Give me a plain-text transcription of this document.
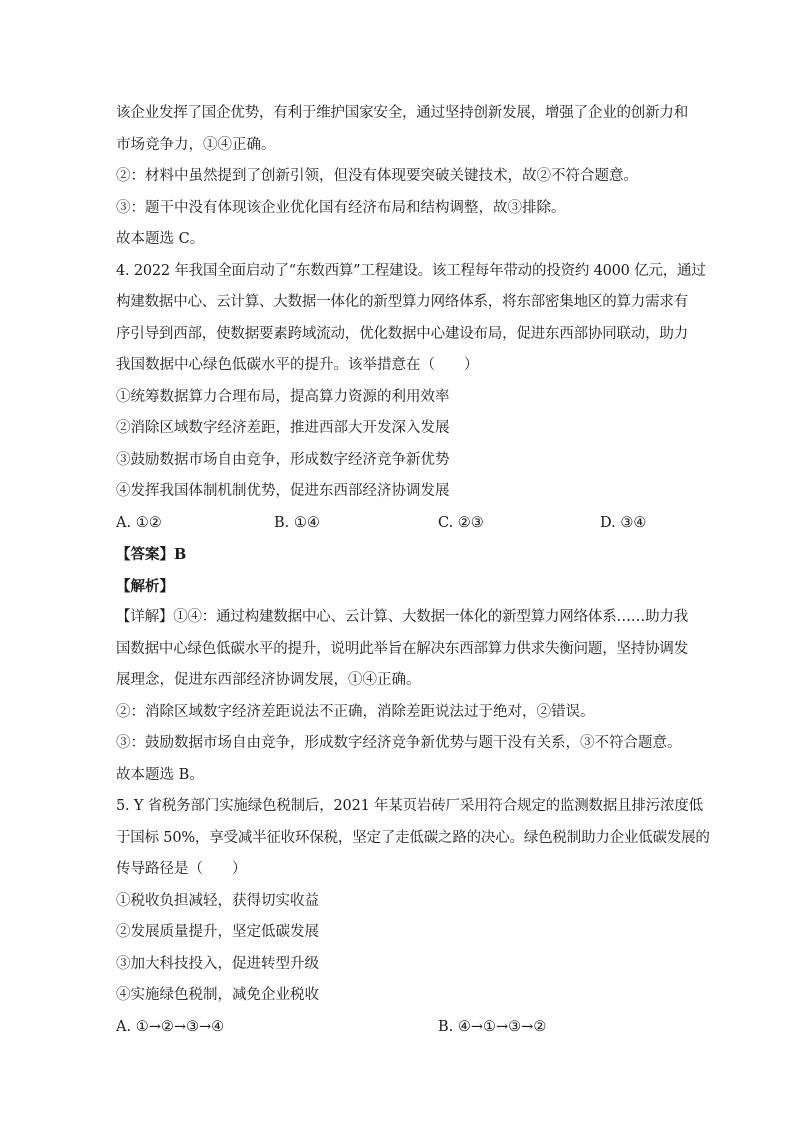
该企业发挥了国企优势，有利于维护国家安全，通过坚持创新发展，增强了企业的创新力和
市场竞争力，①④正确。
②：材料中虽然提到了创新引领，但没有体现要突破关键技术，故②不符合题意。
③：题干中没有体现该企业优化国有经济布局和结构调整，故③排除。
故本题选 C。
4. 2022 年我国全面启动了“东数西算”工程建设。该工程每年带动的投资约 4000 亿元，通过
构建数据中心、云计算、大数据一体化的新型算力网络体系，将东部密集地区的算力需求有
序引导到西部，使数据要素跨域流动，优化数据中心建设布局，促进东西部协同联动，助力
我国数据中心绿色低碳水平的提升。该举措意在（　　）
①统筹数据算力合理布局，提高算力资源的利用效率
②消除区域数字经济差距，推进西部大开发深入发展
③鼓励数据市场自由竞争，形成数字经济竞争新优势
④发挥我国体制机制优势，促进东西部经济协调发展
A. ①②	B. ①④	C. ②③	D. ③④
【答案】B
【解析】
【详解】①④：通过构建数据中心、云计算、大数据一体化的新型算力网络体系……助力我
国数据中心绿色低碳水平的提升，说明此举旨在解决东西部算力供求失衡问题，坚持协调发
展理念，促进东西部经济协调发展，①④正确。
②：消除区域数字经济差距说法不正确，消除差距说法过于绝对，②错误。
③：鼓励数据市场自由竞争，形成数字经济竞争新优势与题干没有关系，③不符合题意。
故本题选 B。
5. Y 省税务部门实施绿色税制后，2021 年某页岩砖厂采用符合规定的监测数据且排污浓度低
于国标 50%，享受减半征收环保税，坚定了走低碳之路的决心。绿色税制助力企业低碳发展的
传导路径是（　　）
①税收负担减轻，获得切实收益
②发展质量提升，坚定低碳发展
③加大科技投入，促进转型升级
④实施绿色税制，减免企业税收
A. ①→②→③→④	B. ④→①→③→②
